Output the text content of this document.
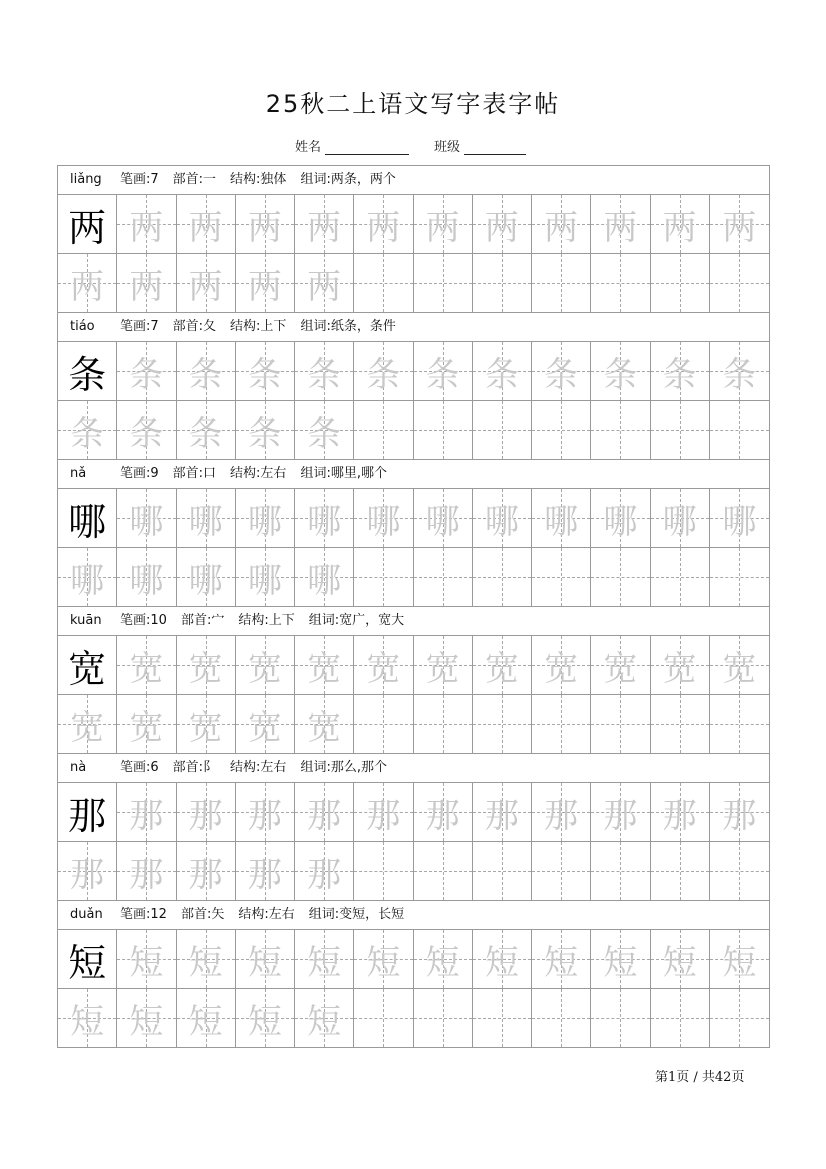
25秋二上语文写字表字帖
姓名	班级
liǎng 笔画:7 部首:一 结构:独体 组词:两条，两个
两 两 两 两 两 两 两 两 两 两 两 两
两 两 两 两 两
tiáo 笔画:7 部首:夂 结构:上下 组词:纸条，条件
条 条 条 条 条 条 条 条 条 条 条 条
条 条 条 条 条
nǎ	笔画:9 部首:口 结构:左右 组词:哪里,哪个
哪 哪 哪 哪 哪 哪 哪 哪 哪 哪 哪 哪
哪 哪 哪 哪 哪
kuān 笔画:10 部首:宀 结构:上下 组词:宽广，宽大
宽 宽 宽 宽 宽 宽 宽 宽 宽 宽 宽 宽
宽 宽 宽 宽 宽
nà	笔画:6 部首:阝 结构:左右 组词:那么,那个
那 那 那 那 那 那 那 那 那 那 那 那
那 那 那 那 那
duǎn 笔画:12 部首:矢 结构:左右 组词:变短，长短
短 短 短 短 短 短 短 短 短 短 短 短
短 短 短 短 短
第1页 / 共42页
